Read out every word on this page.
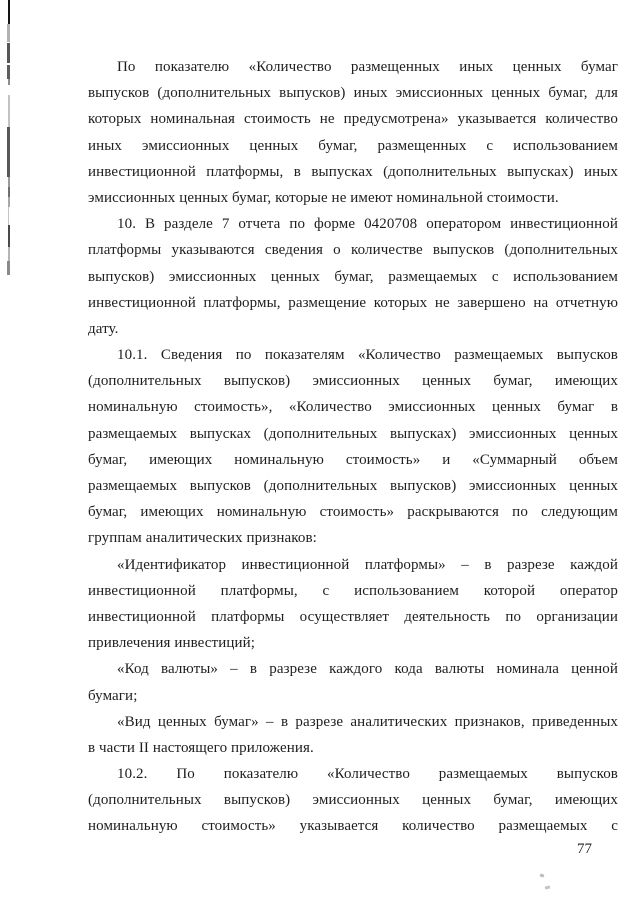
По показателю «Количество размещенных иных ценных бумаг
выпусков (дополнительных выпусков) иных эмиссионных ценных бумаг, для
которых номинальная стоимость не предусмотрена» указывается количество
иных эмиссионных ценных бумаг, размещенных с использованием
инвестиционной платформы, в выпусках (дополнительных выпусках) иных
эмиссионных ценных бумаг, которые не имеют номинальной стоимости.
10. В разделе 7 отчета по форме 0420708 оператором инвестиционной
платформы указываются сведения о количестве выпусков (дополнительных
выпусков) эмиссионных ценных бумаг, размещаемых с использованием
инвестиционной платформы, размещение которых не завершено на отчетную
дату.
10.1. Сведения по показателям «Количество размещаемых выпусков
(дополнительных выпусков) эмиссионных ценных бумаг, имеющих
номинальную стоимость», «Количество эмиссионных ценных бумаг в
размещаемых выпусках (дополнительных выпусках) эмиссионных ценных
бумаг, имеющих номинальную стоимость» и «Суммарный объем
размещаемых выпусков (дополнительных выпусков) эмиссионных ценных
бумаг, имеющих номинальную стоимость» раскрываются по следующим
группам аналитических признаков:
«Идентификатор инвестиционной платформы» – в разрезе каждой
инвестиционной платформы, с использованием которой оператор
инвестиционной платформы осуществляет деятельность по организации
привлечения инвестиций;
«Код валюты» – в разрезе каждого кода валюты номинала ценной
бумаги;
«Вид ценных бумаг» – в разрезе аналитических признаков, приведенных
в части II настоящего приложения.
10.2. По показателю «Количество размещаемых выпусков
(дополнительных выпусков) эмиссионных ценных бумаг, имеющих
номинальную стоимость» указывается количество размещаемых с
77
